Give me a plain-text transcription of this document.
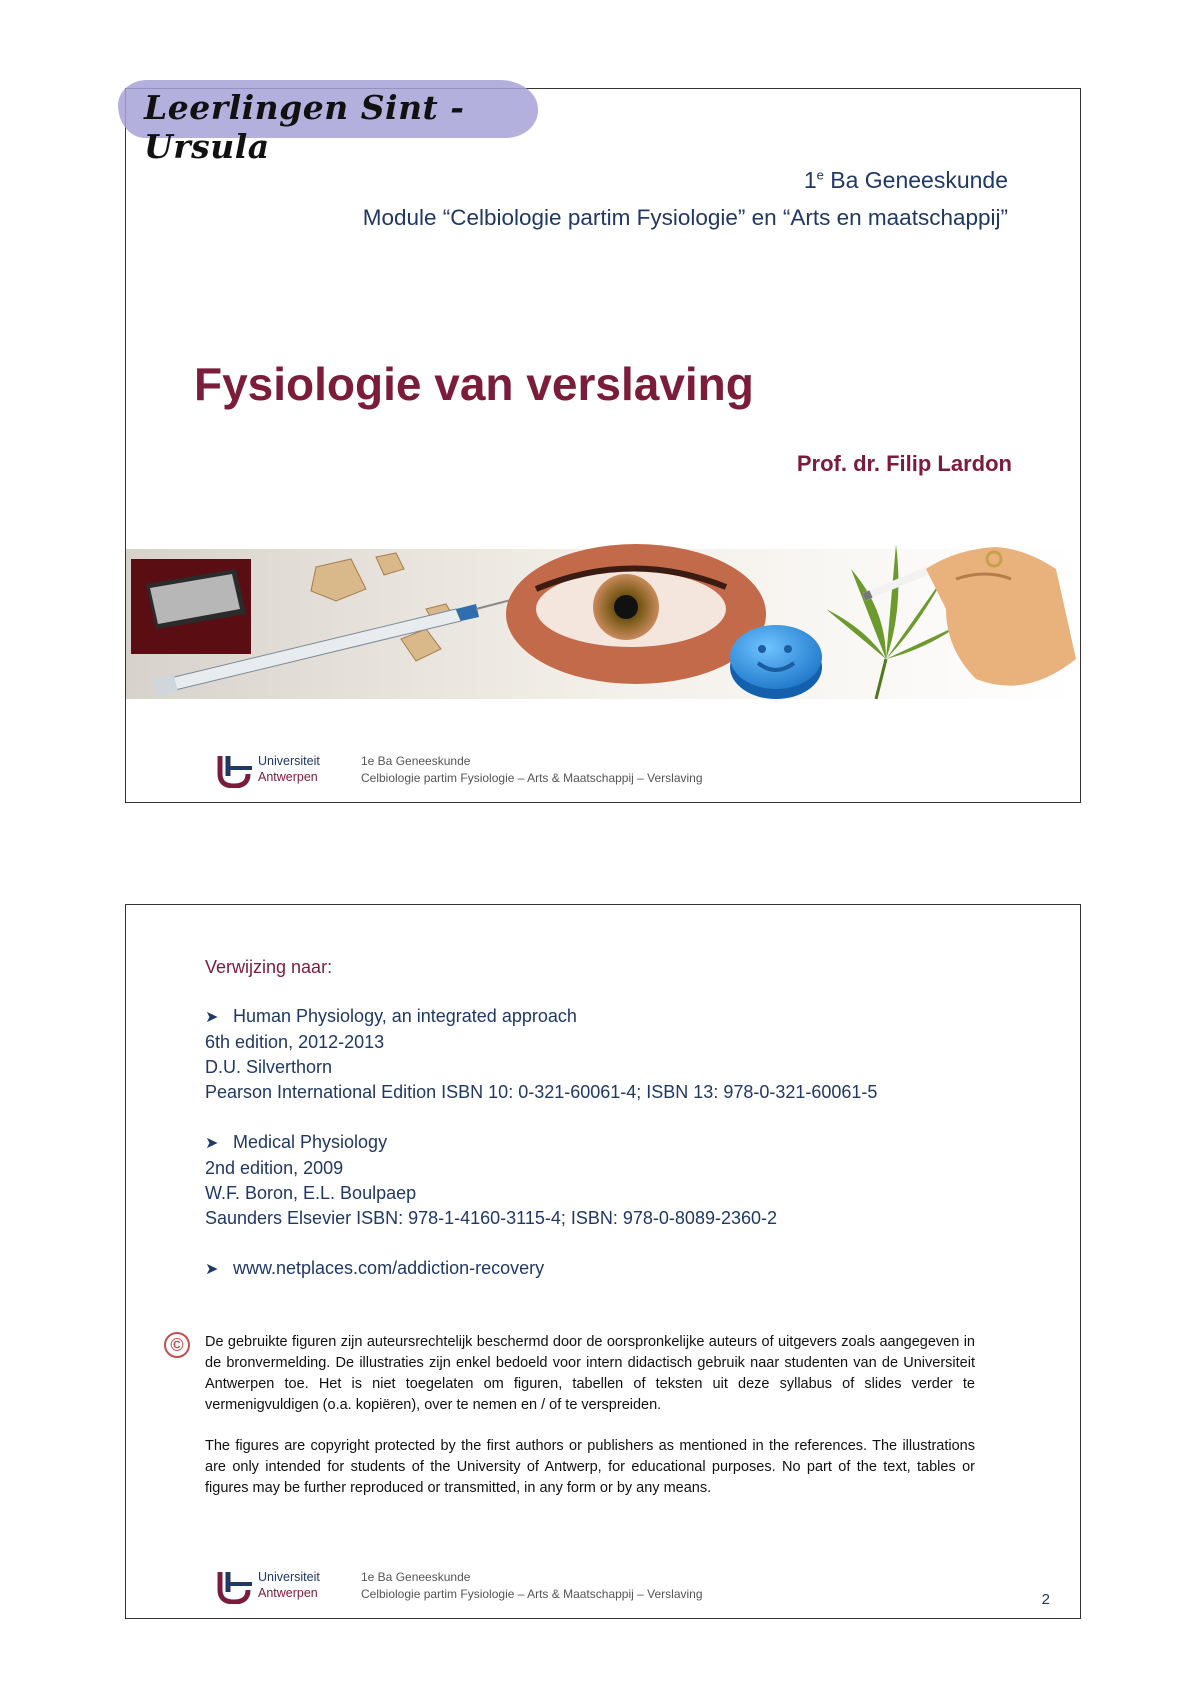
Leerlingen Sint - Ursula
1e Ba Geneeskunde
Module “Celbiologie partim Fysiologie” en “Arts en maatschappij”
Fysiologie van verslaving
Prof. dr. Filip Lardon
Universiteit
Antwerpen
1e Ba Geneeskunde
Celbiologie partim Fysiologie – Arts & Maatschappij – Verslaving
Verwijzing naar:
➤ Human Physiology, an integrated approach
6th edition, 2012-2013
D.U. Silverthorn
Pearson International Edition ISBN 10: 0-321-60061-4; ISBN 13: 978-0-321-60061-5
➤ Medical Physiology
2nd edition, 2009
W.F. Boron, E.L. Boulpaep
Saunders Elsevier ISBN: 978-1-4160-3115-4; ISBN: 978-0-8089-2360-2
➤ www.netplaces.com/addiction-recovery
©	De gebruikte figuren zijn auteursrechtelijk beschermd door de oorspronkelijke auteurs of uitgevers zoals aangegeven in de bronvermelding. De illustraties zijn enkel bedoeld voor intern didactisch gebruik naar studenten van de Universiteit Antwerpen toe. Het is niet toegelaten om figuren, tabellen of teksten uit deze syllabus of slides verder te vermenigvuldigen (o.a. kopiëren), over te nemen en / of te verspreiden.
The figures are copyright protected by the first authors or publishers as mentioned in the references. The illustrations are only intended for students of the University of Antwerp, for educational purposes. No part of the text, tables or figures may be further reproduced or transmitted, in any form or by any means.
Universiteit
Antwerpen
1e Ba Geneeskunde
Celbiologie partim Fysiologie – Arts & Maatschappij – Verslaving	2
